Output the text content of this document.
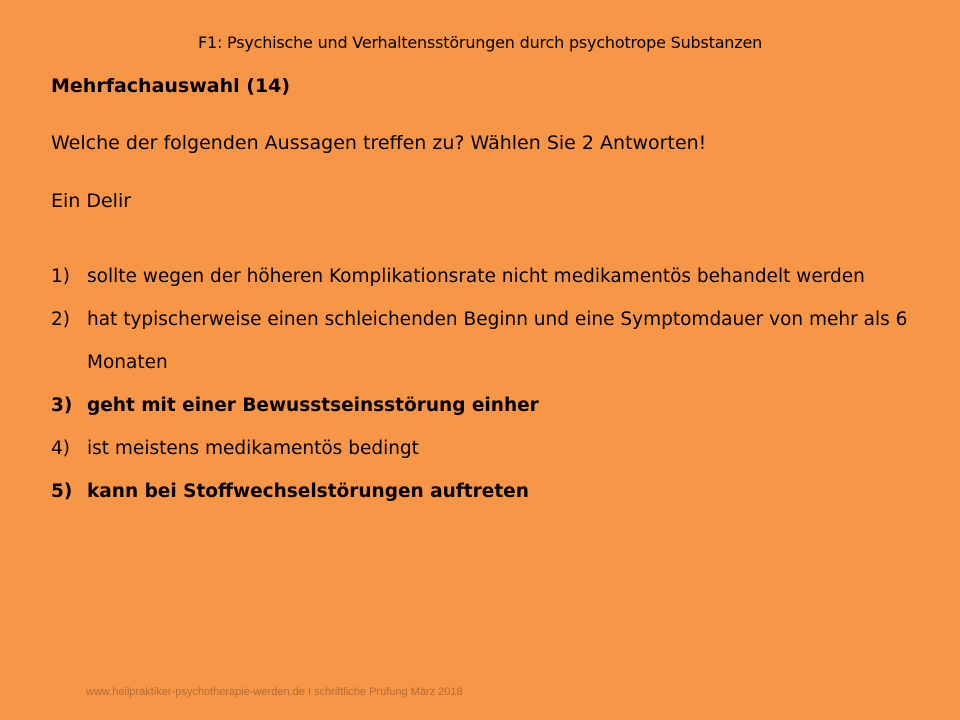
F1: Psychische und Verhaltensstörungen durch psychotrope Substanzen
Mehrfachauswahl (14)
Welche der folgenden Aussagen treffen zu? Wählen Sie 2 Antworten!
Ein Delir
1) sollte wegen der höheren Komplikationsrate nicht medikamentös behandelt werden
2) hat typischerweise einen schleichenden Beginn und eine Symptomdauer von mehr als 6 Monaten
3) geht mit einer Bewusstseinsstörung einher
4) ist meistens medikamentös bedingt
5) kann bei Stoffwechselstörungen auftreten
www.heilpraktiker-psychotherapie-werden.de I schriftliche Prüfung März 2018
